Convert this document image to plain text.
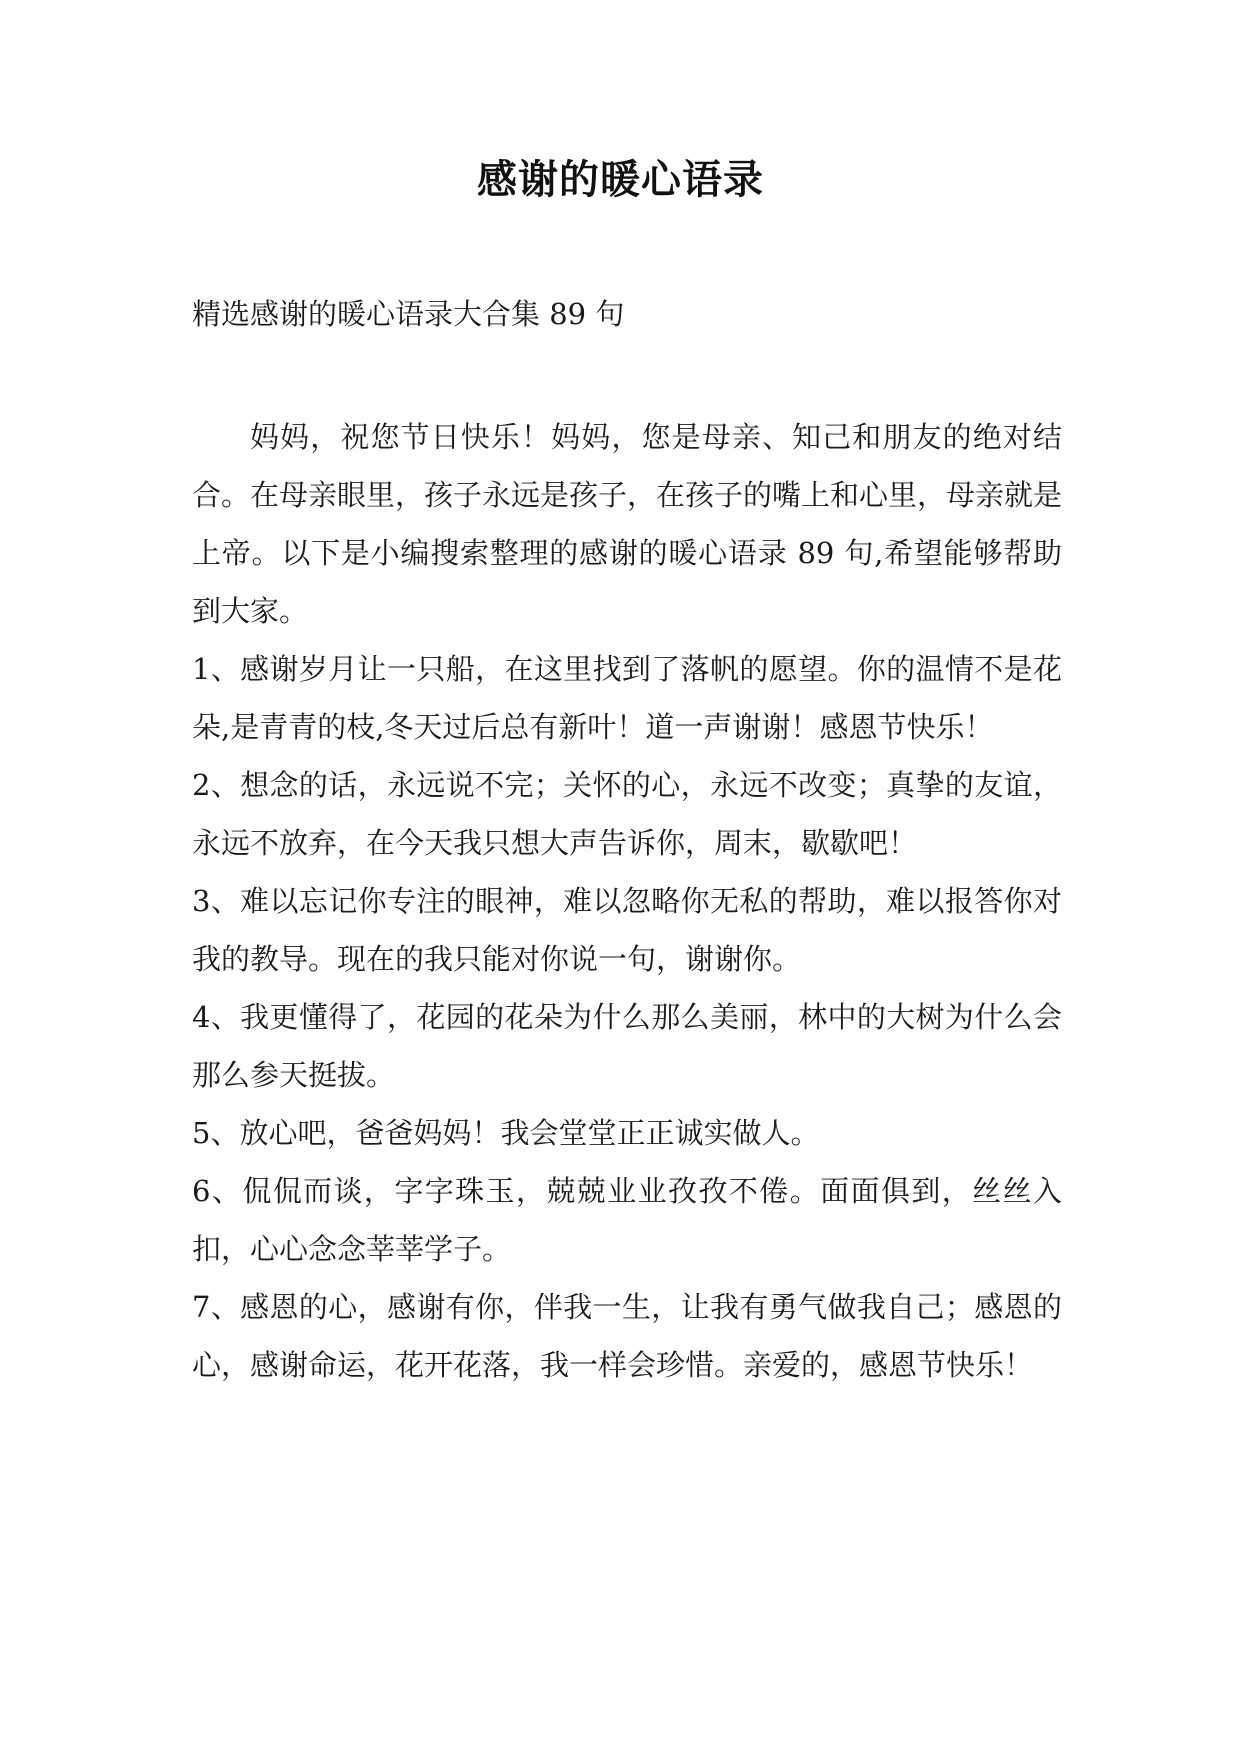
感谢的暖心语录
精选感谢的暖心语录大合集 89 句

妈妈，祝您节日快乐！妈妈，您是母亲、知己和朋友的绝对结合。在母亲眼里，孩子永远是孩子，在孩子的嘴上和心里，母亲就是上帝。以下是小编搜索整理的感谢的暖心语录 89 句,希望能够帮助到大家。

1、感谢岁月让一只船，在这里找到了落帆的愿望。你的温情不是花朵,是青青的枝,冬天过后总有新叶！道一声谢谢！感恩节快乐！

2、想念的话，永远说不完；关怀的心，永远不改变；真挚的友谊，永远不放弃，在今天我只想大声告诉你，周末，歇歇吧！

3、难以忘记你专注的眼神，难以忽略你无私的帮助，难以报答你对我的教导。现在的我只能对你说一句，谢谢你。

4、我更懂得了，花园的花朵为什么那么美丽，林中的大树为什么会那么参天挺拔。

5、放心吧，爸爸妈妈！我会堂堂正正诚实做人。

6、侃侃而谈，字字珠玉，兢兢业业孜孜不倦。面面俱到，丝丝入扣，心心念念莘莘学子。

7、感恩的心，感谢有你，伴我一生，让我有勇气做我自己；感恩的心，感谢命运，花开花落，我一样会珍惜。亲爱的，感恩节快乐！
